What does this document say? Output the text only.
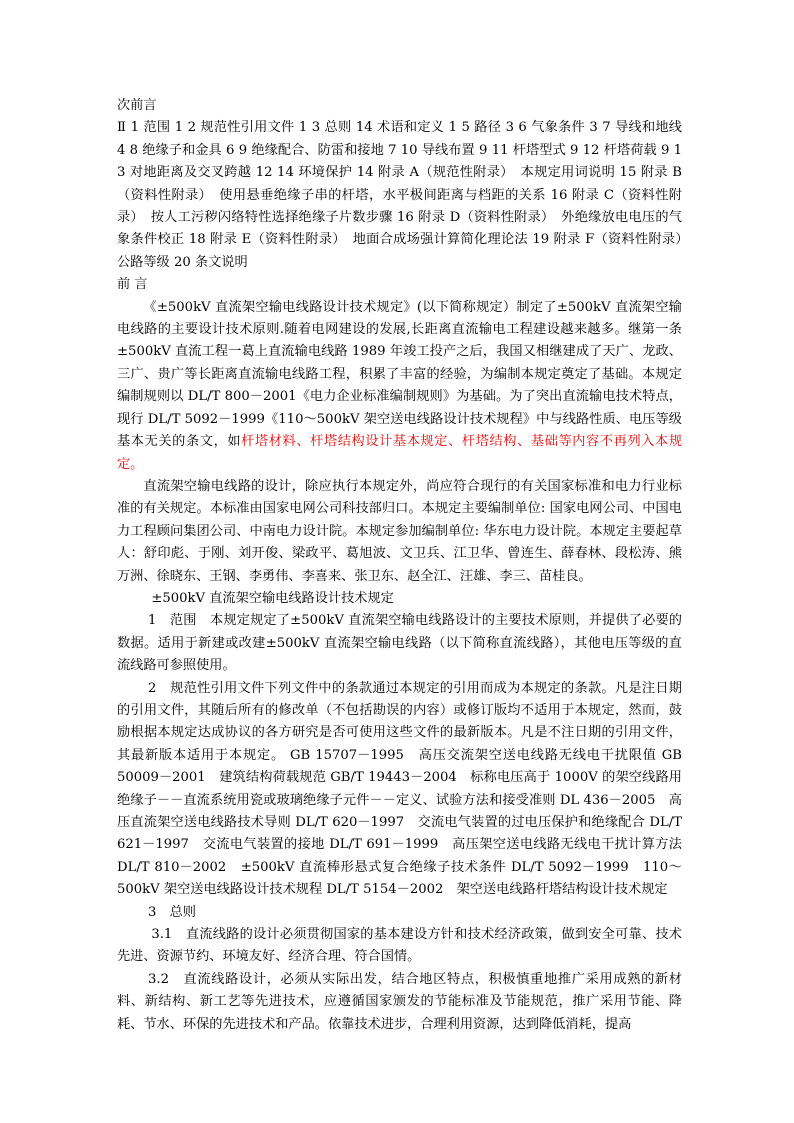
次前言

Ⅱ 1 范围 1 2 规范性引用文件 1 3 总则 14 术语和定义 1 5 路径 3 6 气象条件 3 7 导线和地线 4 8 绝缘子和金具 6 9 绝缘配合、防雷和接地 7 10 导线布置 9 11 杆塔型式 9 12 杆塔荷载 9 13 对地距离及交叉跨越 12 14 环境保护 14 附录 A（规范性附录）　本规定用词说明 15 附录 B（资料性附录）　使用悬垂绝缘子串的杆塔，水平极间距离与档距的关系 16 附录 C（资料性附录）　按人工污秽闪络特性选择绝缘子片数步骤 16 附录 D（资料性附录）　外绝缘放电电压的气象条件校正 18 附录 E（资料性附录）　地面合成场强计算简化理论法 19 附录 F（资料性附录）　公路等级 20 条文说明

前 言

《±500kV 直流架空输电线路设计技术规定》(以下简称规定）制定了±500kV 直流架空输电线路的主要设计技术原则.随着电网建设的发展,长距离直流输电工程建设越来越多。继第一条±500kV 直流工程一葛上直流输电线路 1989 年竣工投产之后，我国又相继建成了天广、龙政、三广、贵广等长距离直流输电线路工程，积累了丰富的经验，为编制本规定奠定了基础。本规定编制规则以 DL/T 800－2001《电力企业标准编制规则》为基础。为了突出直流输电技术特点，现行 DL/T 5092－1999《110～500kV 架空送电线路设计技术规程》中与线路性质、电压等级基本无关的条文，如杆塔材料、杆塔结构设计基本规定、杆塔结构、基础等内容不再列入本规定。

直流架空输电线路的设计，除应执行本规定外，尚应符合现行的有关国家标准和电力行业标准的有关规定。本标准由国家电网公司科技部归口。本规定主要编制单位: 国家电网公司、中国电力工程顾问集团公司、中南电力设计院。本规定参加编制单位: 华东电力设计院。本规定主要起草人：舒印彪、于刚、刘开俊、梁政平、葛旭波、文卫兵、江卫华、曾连生、薛春林、段松涛、熊万洲、徐晓东、王钢、李勇伟、李喜来、张卫东、赵全江、汪雄、李三、苗桂良。

±500kV 直流架空输电线路设计技术规定

1　范围　本规定规定了±500kV 直流架空输电线路设计的主要技术原则，并提供了必要的数据。适用于新建或改建±500kV 直流架空输电线路（以下简称直流线路），其他电压等级的直流线路可参照使用。

2　规范性引用文件下列文件中的条款通过本规定的引用而成为本规定的条款。凡是注日期的引用文件，其随后所有的修改单（不包括勘误的内容）或修订版均不适用于本规定，然而，鼓励根据本规定达成协议的各方研究是否可使用这些文件的最新版本。凡是不注日期的引用文件，其最新版本适用于本规定。 GB 15707－1995　高压交流架空送电线路无线电干扰限值 GB 50009－2001　建筑结构荷载规范 GB/T 19443－2004　标称电压高于 1000V 的架空线路用绝缘子－－直流系统用瓷或玻璃绝缘子元件－－定义、试验方法和接受准则 DL 436－2005　高压直流架空送电线路技术导则 DL/T 620－1997　交流电气装置的过电压保护和绝缘配合 DL/T 621－1997　交流电气装置的接地 DL/T 691－1999　高压架空送电线路无线电干扰计算方法　DL/T 810－2002　±500kV 直流棒形悬式复合绝缘子技术条件 DL/T 5092－1999　110～500kV 架空送电线路设计技术规程 DL/T 5154－2002　架空送电线路杆塔结构设计技术规定

3　总则

3.1　直流线路的设计必须贯彻国家的基本建设方针和技术经济政策，做到安全可靠、技术先进、资源节约、环境友好、经济合理、符合国情。

3.2　直流线路设计，必须从实际出发，结合地区特点，积极慎重地推广采用成熟的新材料、新结构、新工艺等先进技术，应遵循国家颁发的节能标准及节能规范，推广采用节能、降耗、节水、环保的先进技术和产品。依靠技术进步，合理利用资源，达到降低消耗，提高
